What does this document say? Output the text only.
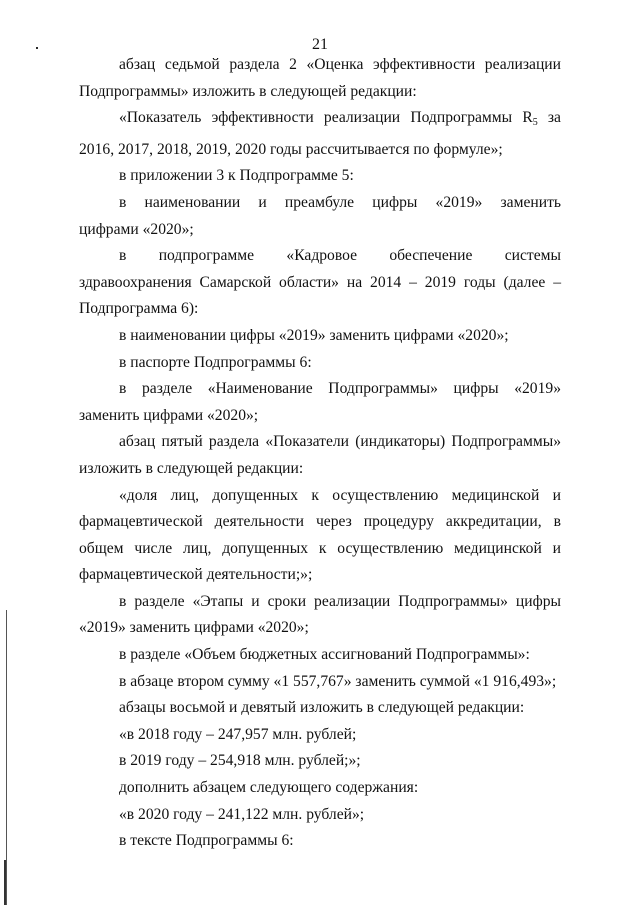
21

абзац седьмой раздела 2 «Оценка эффективности реализации Подпрограммы» изложить в следующей редакции:

«Показатель эффективности реализации Подпрограммы $R_5$ за 2016, 2017, 2018, 2019, 2020 годы рассчитывается по формуле»;

в приложении 3 к Подпрограмме 5:

в наименовании и преамбуле цифры «2019» заменить

цифрами «2020»;

в подпрограмме «Кадровое обеспечение системы здравоохранения Самарской области» на 2014 – 2019 годы (далее – Подпрограмма 6):

в наименовании цифры «2019» заменить цифрами «2020»;

в паспорте Подпрограммы 6:

в разделе «Наименование Подпрограммы» цифры «2019» заменить цифрами «2020»;

абзац пятый раздела «Показатели (индикаторы) Подпрограммы» изложить в следующей редакции:

«доля лиц, допущенных к осуществлению медицинской и фармацевтической деятельности через процедуру аккредитации, в общем числе лиц, допущенных к осуществлению медицинской и фармацевтической деятельности;»;

в разделе «Этапы и сроки реализации Подпрограммы» цифры «2019» заменить цифрами «2020»;

в разделе «Объем бюджетных ассигнований Подпрограммы»:

в абзаце втором сумму «1 557,767» заменить суммой «1 916,493»;

абзацы восьмой и девятый изложить в следующей редакции:

«в 2018 году – 247,957 млн. рублей;

в 2019 году – 254,918 млн. рублей;»;

дополнить абзацем следующего содержания:

«в 2020 году – 241,122 млн. рублей»;

в тексте Подпрограммы 6:
